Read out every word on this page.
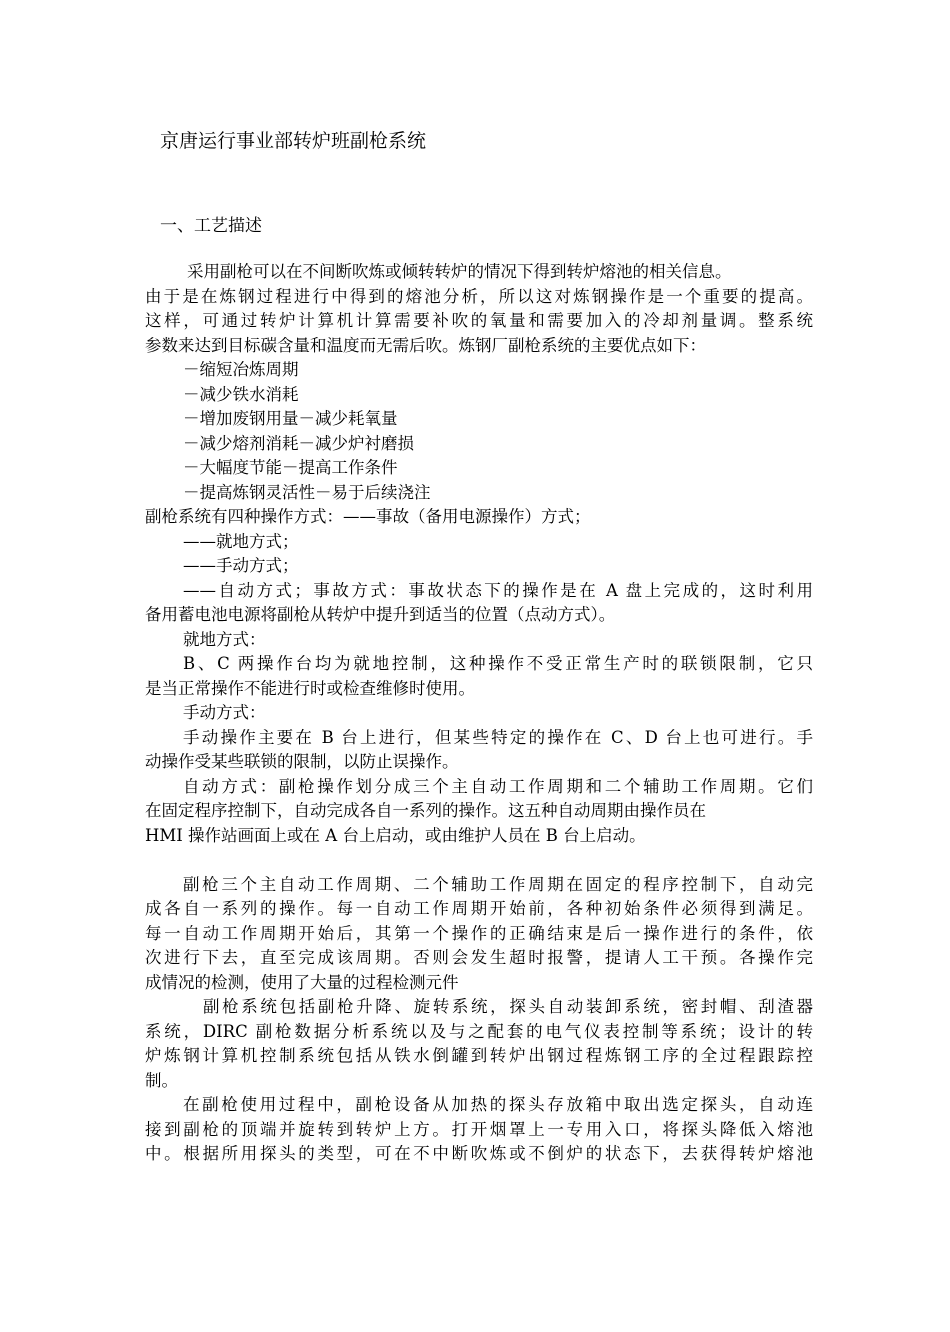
京唐运行事业部转炉班副枪系统
一、工艺描述
采用副枪可以在不间断吹炼或倾转转炉的情况下得到转炉熔池的相关信息。
由于是在炼钢过程进行中得到的熔池分析，所以这对炼钢操作是一个重要的提高。
这样，可通过转炉计算机计算需要补吹的氧量和需要加入的冷却剂量调。整系统
参数来达到目标碳含量和温度而无需后吹。炼钢厂副枪系统的主要优点如下：
－缩短冶炼周期
－减少铁水消耗
－增加废钢用量－减少耗氧量
－减少熔剂消耗－减少炉衬磨损
－大幅度节能－提高工作条件
－提高炼钢灵活性－易于后续浇注
副枪系统有四种操作方式：——事故（备用电源操作）方式；
——就地方式；
——手动方式；
——自动方式；事故方式：事故状态下的操作是在 A 盘上完成的，这时利用
备用蓄电池电源将副枪从转炉中提升到适当的位置（点动方式）。
就地方式：
B、C 两操作台均为就地控制，这种操作不受正常生产时的联锁限制，它只
是当正常操作不能进行时或检查维修时使用。
手动方式：
手动操作主要在 B 台上进行，但某些特定的操作在 C、D 台上也可进行。手
动操作受某些联锁的限制，以防止误操作。
自动方式：副枪操作划分成三个主自动工作周期和二个辅助工作周期。它们
在固定程序控制下，自动完成各自一系列的操作。这五种自动周期由操作员在
HMI 操作站画面上或在 A 台上启动，或由维护人员在 B 台上启动。
副枪三个主自动工作周期、二个辅助工作周期在固定的程序控制下，自动完
成各自一系列的操作。每一自动工作周期开始前，各种初始条件必须得到满足。
每一自动工作周期开始后，其第一个操作的正确结束是后一操作进行的条件，依
次进行下去，直至完成该周期。否则会发生超时报警，提请人工干预。各操作完
成情况的检测，使用了大量的过程检测元件
副枪系统包括副枪升降、旋转系统，探头自动装卸系统，密封帽、刮渣器
系统，DIRC 副枪数据分析系统以及与之配套的电气仪表控制等系统；设计的转
炉炼钢计算机控制系统包括从铁水倒罐到转炉出钢过程炼钢工序的全过程跟踪控
制。
在副枪使用过程中，副枪设备从加热的探头存放箱中取出选定探头，自动连
接到副枪的顶端并旋转到转炉上方。打开烟罩上一专用入口，将探头降低入熔池
中。根据所用探头的类型，可在不中断吹炼或不倒炉的状态下，去获得转炉熔池
